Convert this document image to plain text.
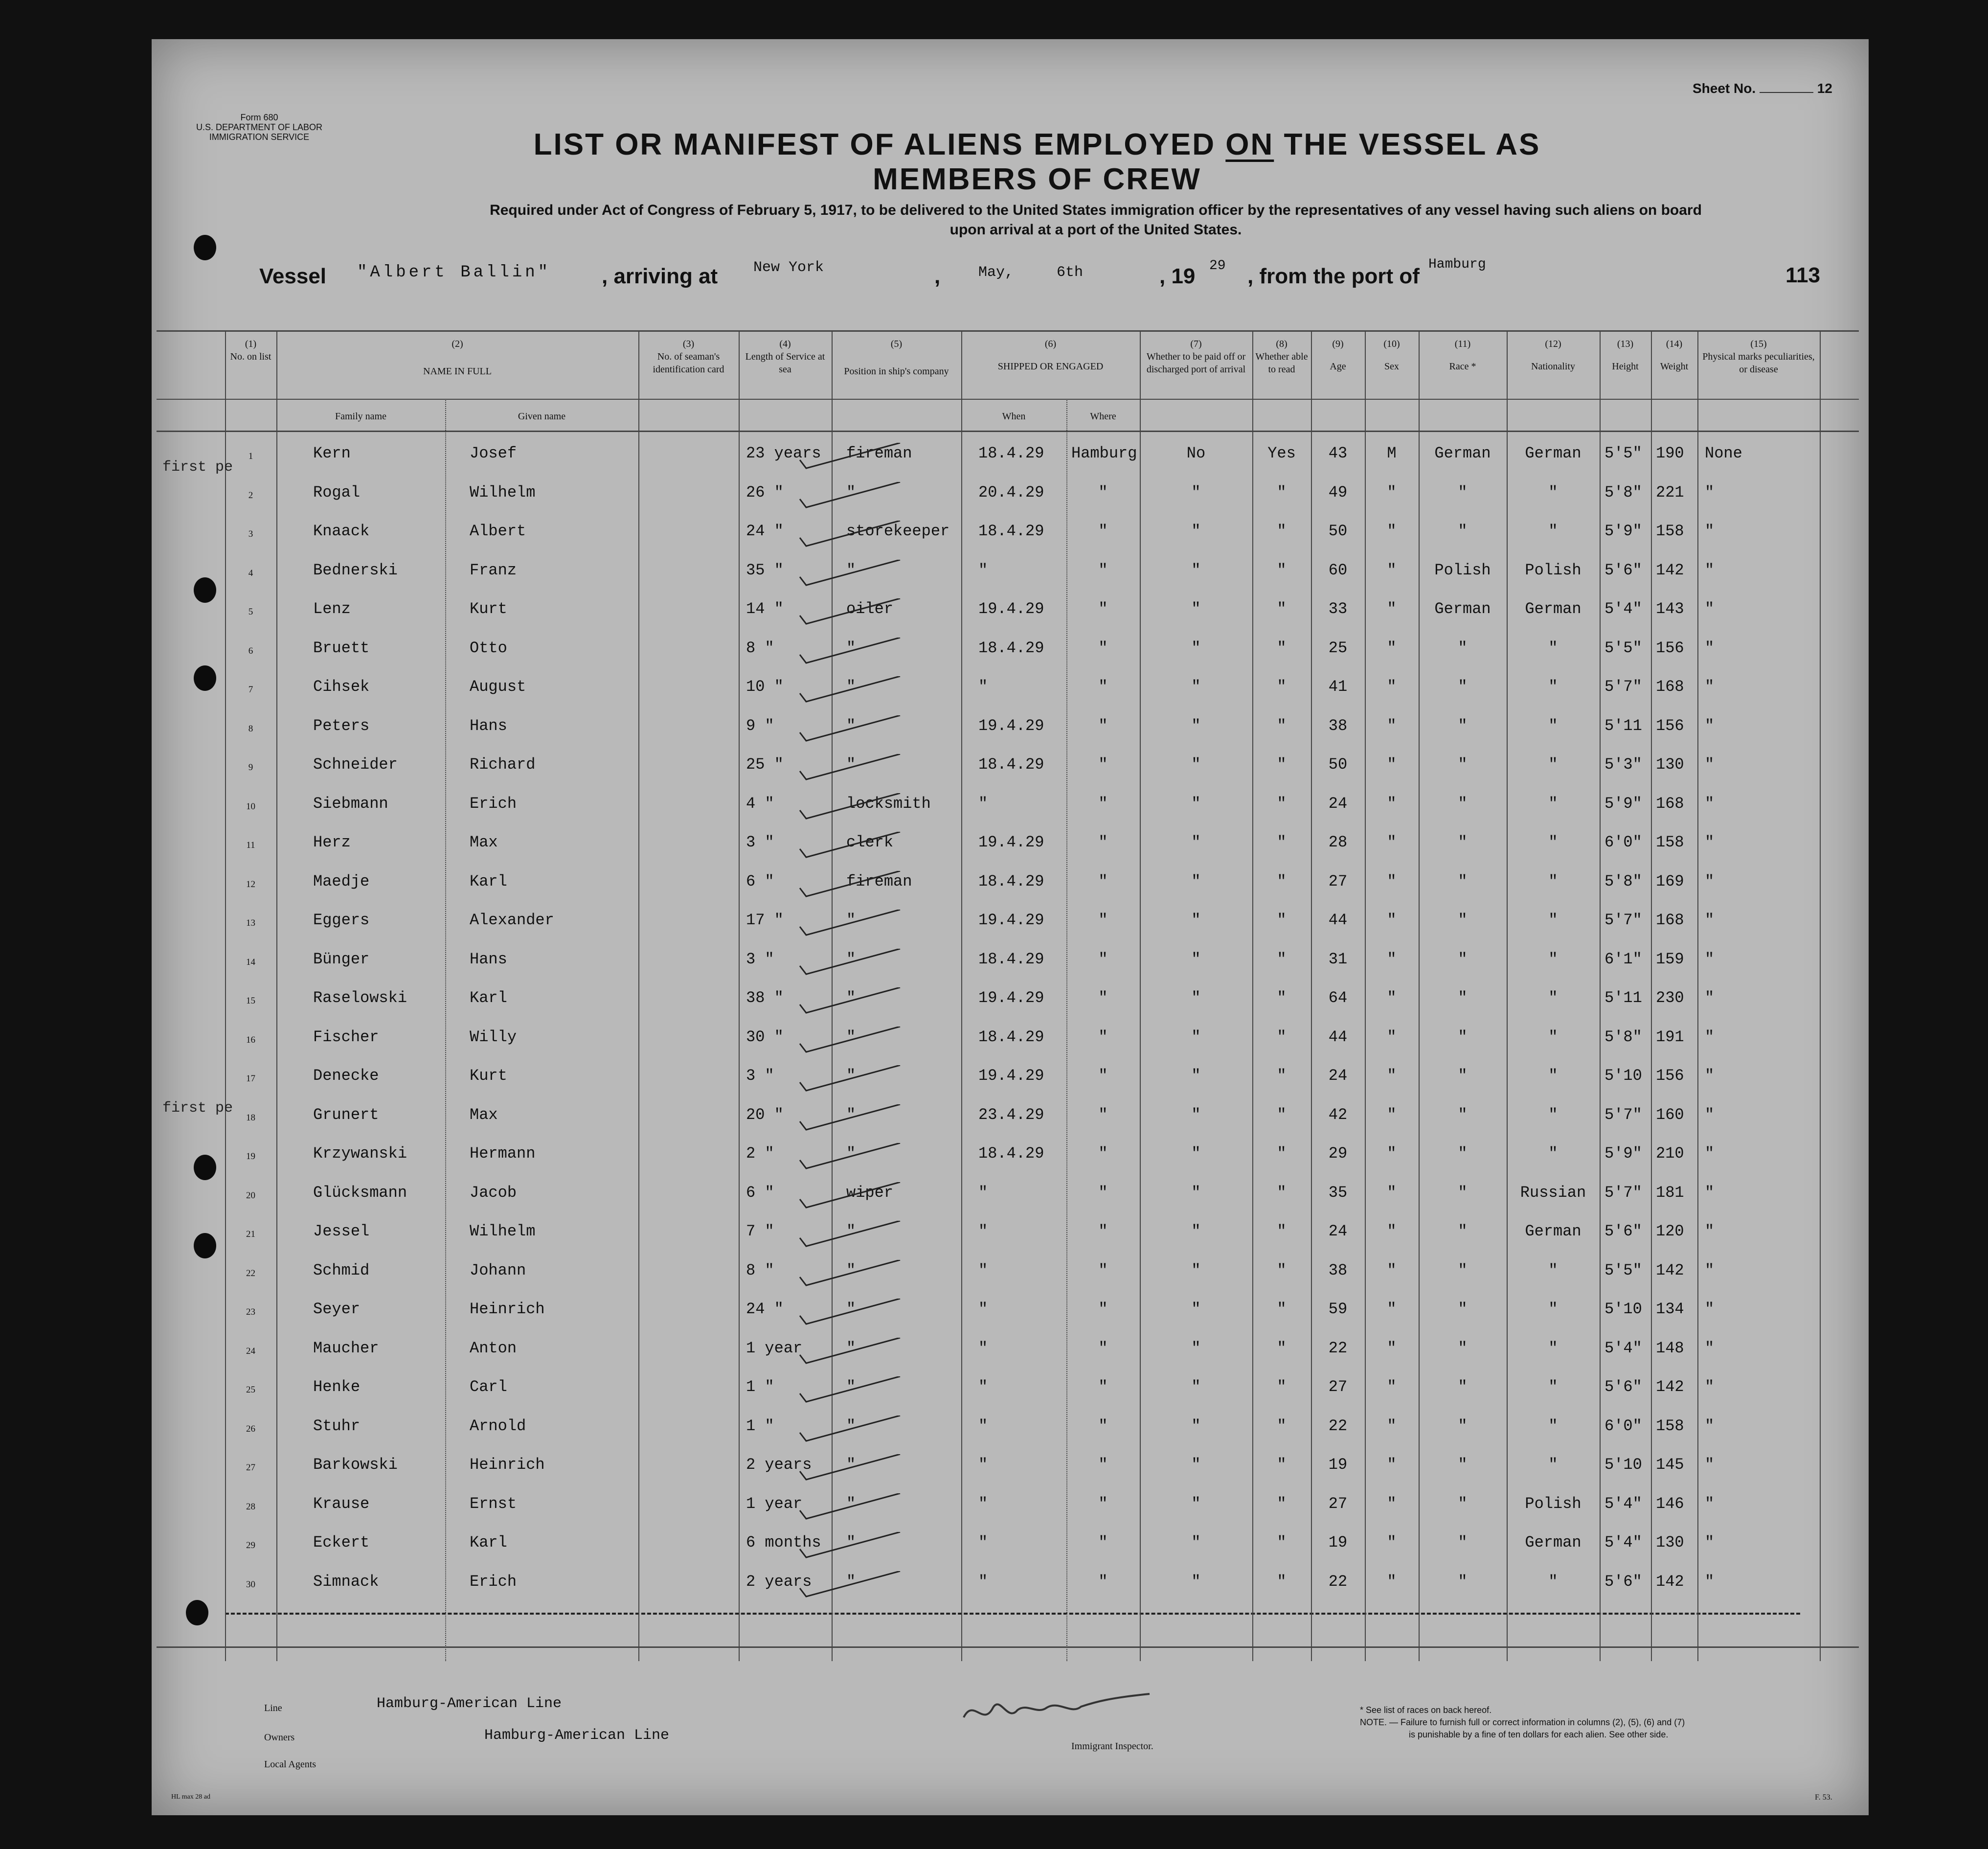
Form 680
U.S. DEPARTMENT OF LABOR
IMMIGRATION SERVICE
Sheet No.	12
LIST OR MANIFEST OF ALIENS EMPLOYED ON THE VESSEL AS MEMBERS OF CREW
Required under Act of Congress of February 5, 1917, to be delivered to the United States immigration officer by the representatives of any vessel having such aliens on board
upon arrival at a port of the United States.
Vessel "Albert Ballin" , arriving at New York	,	May,	6th	, 19 29 , from the port of Hamburg	113
(1)
No. on list
(2)
NAME IN FULL
Family name	Given name
(3)
No. of seaman's identification card
(4)
Length of Service at sea
(5)
Position in ship's company
(6)
SHIPPED OR ENGAGED
When	Where
(7)
Whether to be paid off or discharged port of arrival
(8)
Whether able to read
(9)
Age
(10)
Sex
(11)
Race *
(12)
Nationality
(13)
Height
(14)
Weight
(15)
Physical marks peculiarities, or disease
first pe
first pe
1	Kern	Josef	23 years fireman	18.4.29 Hamburg	No	Yes	43	M	German	German	5'5" 190 None
2	Rogal	Wilhelm	26 "	"	20.4.29	"	"	"	49	"	"	"	5'8" 221 "
3	Knaack	Albert	24 "	storekeeper 18.4.29	"	"	"	50	"	"	"	5'9" 158 "
4	Bednerski	Franz	35 "	"	"	"	"	"	60	"	Polish	Polish	5'6" 142 "
5	Lenz	Kurt	14 "	oiler	19.4.29	"	"	"	33	"	German	German	5'4" 143 "
6	Bruett	Otto	8 "	"	18.4.29	"	"	"	25	"	"	"	5'5" 156 "
7	Cihsek	August	10 "	"	"	"	"	"	41	"	"	"	5'7" 168 "
8	Peters	Hans	9 "	"	19.4.29	"	"	"	38	"	"	"	5'11 156 "
9	Schneider	Richard	25 "	"	18.4.29	"	"	"	50	"	"	"	5'3" 130 "
10	Siebmann	Erich	4 "	locksmith	"	"	"	"	24	"	"	"	5'9" 168 "
11	Herz	Max	3 "	clerk	19.4.29	"	"	"	28	"	"	"	6'0" 158 "
12	Maedje	Karl	6 "	fireman	18.4.29	"	"	"	27	"	"	"	5'8" 169 "
13	Eggers	Alexander	17 "	"	19.4.29	"	"	"	44	"	"	"	5'7" 168 "
14	Bünger	Hans	3 "	"	18.4.29	"	"	"	31	"	"	"	6'1" 159 "
15	Raselowski	Karl	38 "	"	19.4.29	"	"	"	64	"	"	"	5'11 230 "
16	Fischer	Willy	30 "	"	18.4.29	"	"	"	44	"	"	"	5'8" 191 "
17	Denecke	Kurt	3 "	"	19.4.29	"	"	"	24	"	"	"	5'10 156 "
18	Grunert	Max	20 "	"	23.4.29	"	"	"	42	"	"	"	5'7" 160 "
19	Krzywanski	Hermann	2 "	"	18.4.29	"	"	"	29	"	"	"	5'9" 210 "
20	Glücksmann	Jacob	6 "	wiper	"	"	"	"	35	"	"	Russian	5'7" 181 "
21	Jessel	Wilhelm	7 "	"	"	"	"	"	24	"	"	German	5'6" 120 "
22	Schmid	Johann	8 "	"	"	"	"	"	38	"	"	"	5'5" 142 "
23	Seyer	Heinrich	24 "	"	"	"	"	"	59	"	"	"	5'10 134 "
24	Maucher	Anton	1 year	"	"	"	"	"	22	"	"	"	5'4" 148 "
25	Henke	Carl	1 "	"	"	"	"	"	27	"	"	"	5'6" 142 "
26	Stuhr	Arnold	1 "	"	"	"	"	"	22	"	"	"	6'0" 158 "
27	Barkowski	Heinrich	2 years "	"	"	"	"	19	"	"	"	5'10 145 "
28	Krause	Ernst	1 year	"	"	"	"	"	27	"	"	Polish	5'4" 146 "
29	Eckert	Karl	6 months "	"	"	"	"	19	"	"	German	5'4" 130 "
30	Simnack	Erich	2 years "	"	"	"	"	22	"	"	"	5'6" 142 "
Line	Hamburg-American Line
Owners	Hamburg-American Line
Local Agents
Immigrant Inspector.
* See list of races on back hereof.
NOTE. — Failure to furnish full or correct information in columns (2), (5), (6) and (7)
is punishable by a fine of ten dollars for each alien. See other side.
HL max 28 ad	F. 53.
